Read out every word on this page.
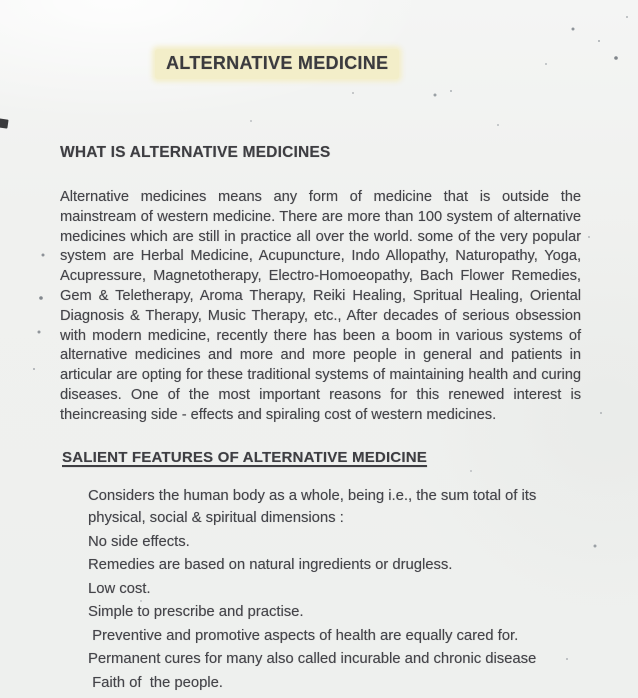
ALTERNATIVE MEDICINE
WHAT IS ALTERNATIVE MEDICINES
Alternative medicines means any form of medicine that is outside the mainstream of western medicine. There are more than 100 system of alternative medicines which are still in practice all over the world. some of the very popular system are Herbal Medicine, Acupuncture, Indo Allopathy, Naturopathy, Yoga, Acupressure, Magnetotherapy, Electro-Homoeopathy, Bach Flower Remedies, Gem & Teletherapy, Aroma Therapy, Reiki Healing, Spritual Healing, Oriental Diagnosis & Therapy, Music Therapy, etc., After decades of serious obsession with modern medicine, recently there has been a boom in various systems of alternative medicines and more and more people in general and patients in articular are opting for these traditional systems of maintaining health and curing diseases. One of the most important reasons for this renewed interest is theincreasing side - effects and spiraling cost of western medicines.
SALIENT FEATURES OF ALTERNATIVE MEDICINE
Considers the human body as a whole, being i.e., the sum total of its physical, social & spiritual dimensions :
No side effects.
Remedies are based on natural ingredients or drugless.
Low cost.
Simple to prescribe and practise.
Preventive and promotive aspects of health are equally cared for.
Permanent cures for many also called incurable and chronic disease
Faith of  the people.
